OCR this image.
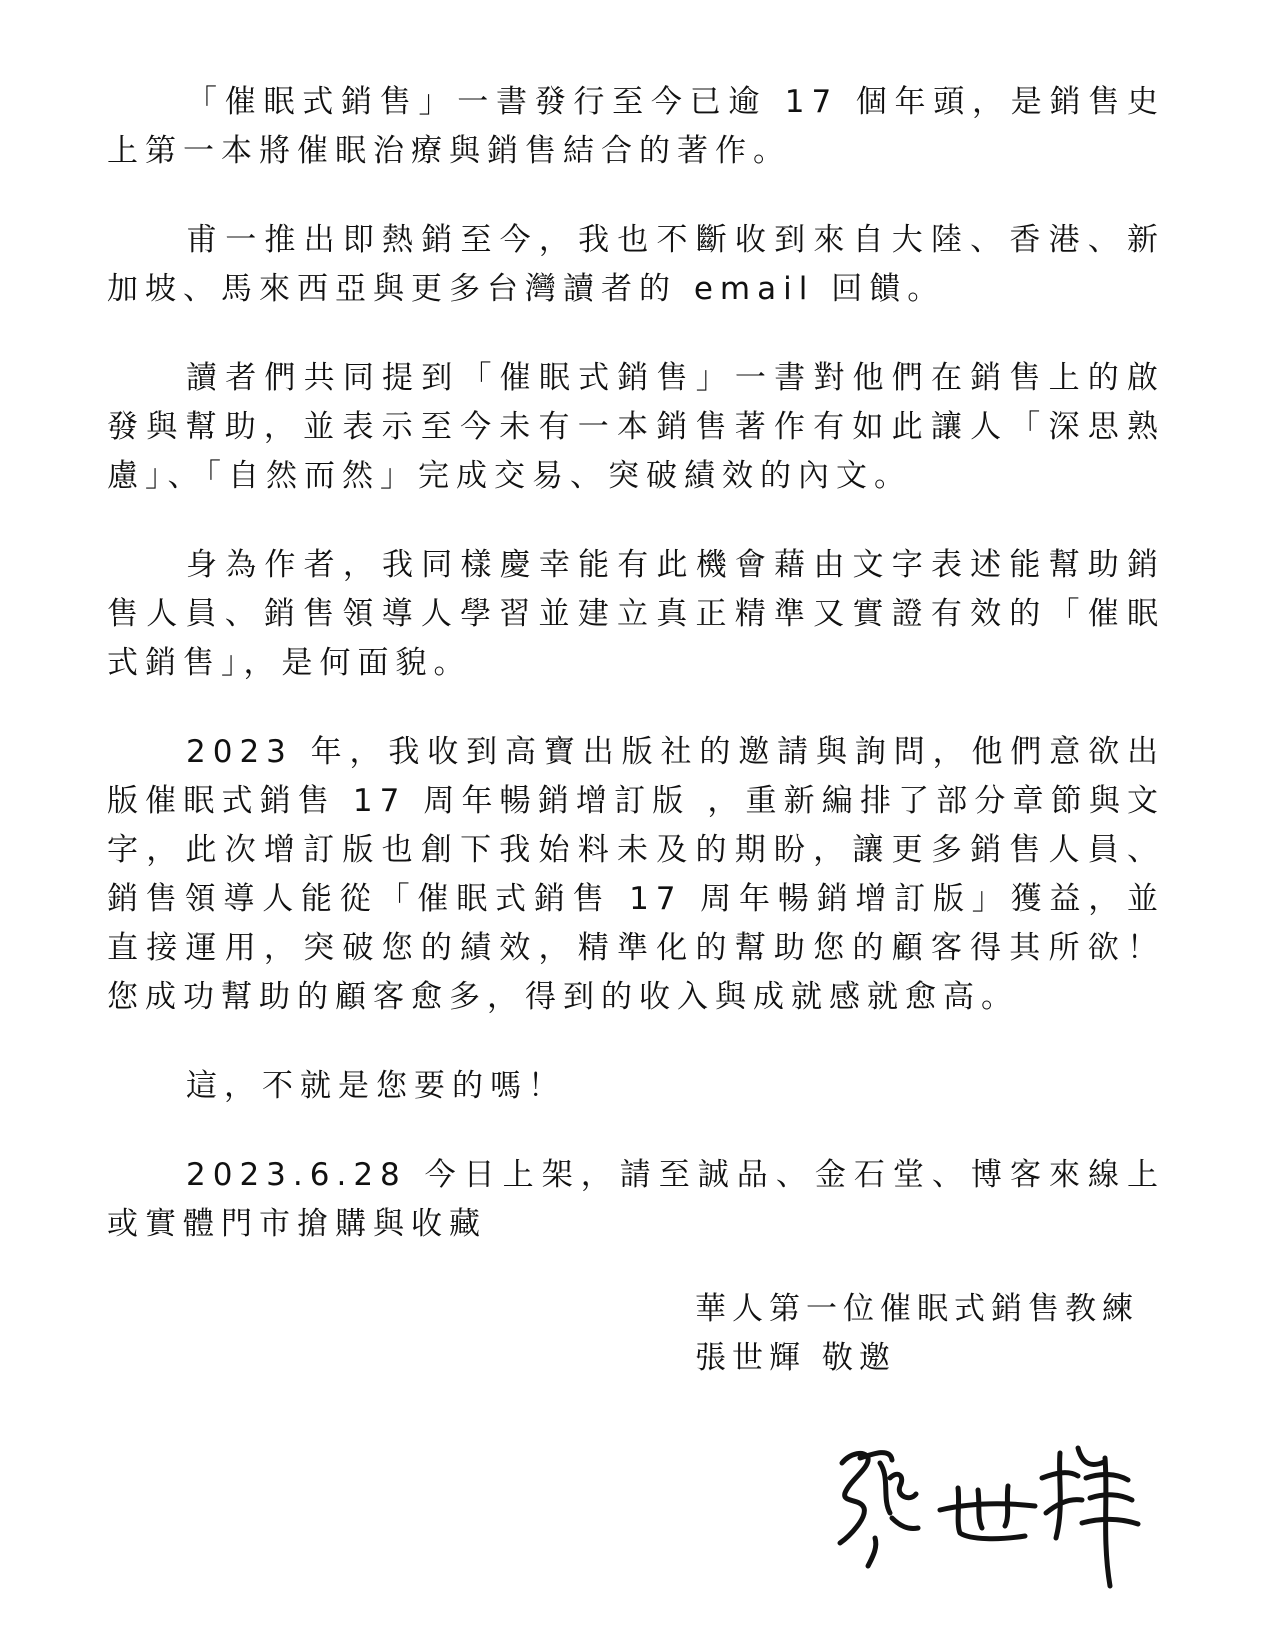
「催眠式銷售」一書發行至今已逾 17 個年頭，是銷售史上第一本將催眠治療與銷售結合的著作。

甫一推出即熱銷至今，我也不斷收到來自大陸、香港、新加坡、馬來西亞與更多台灣讀者的 email 回饋。

讀者們共同提到「催眠式銷售」一書對他們在銷售上的啟發與幫助，並表示至今未有一本銷售著作有如此讓人「深思熟慮」、「自然而然」完成交易、突破績效的內文。

身為作者，我同樣慶幸能有此機會藉由文字表述能幫助銷售人員、銷售領導人學習並建立真正精準又實證有效的「催眠式銷售」，是何面貌。

2023 年，我收到高寶出版社的邀請與詢問，他們意欲出版催眠式銷售 17 周年暢銷增訂版 ，重新編排了部分章節與文字，此次增訂版也創下我始料未及的期盼，讓更多銷售人員、銷售領導人能從「催眠式銷售 17 周年暢銷增訂版」獲益，並直接運用，突破您的績效，精準化的幫助您的顧客得其所欲！您成功幫助的顧客愈多，得到的收入與成就感就愈高。

這，不就是您要的嗎！

2023.6.28 今日上架，請至誠品、金石堂、博客來線上或實體門市搶購與收藏

華人第一位催眠式銷售教練
張世輝 敬邀
